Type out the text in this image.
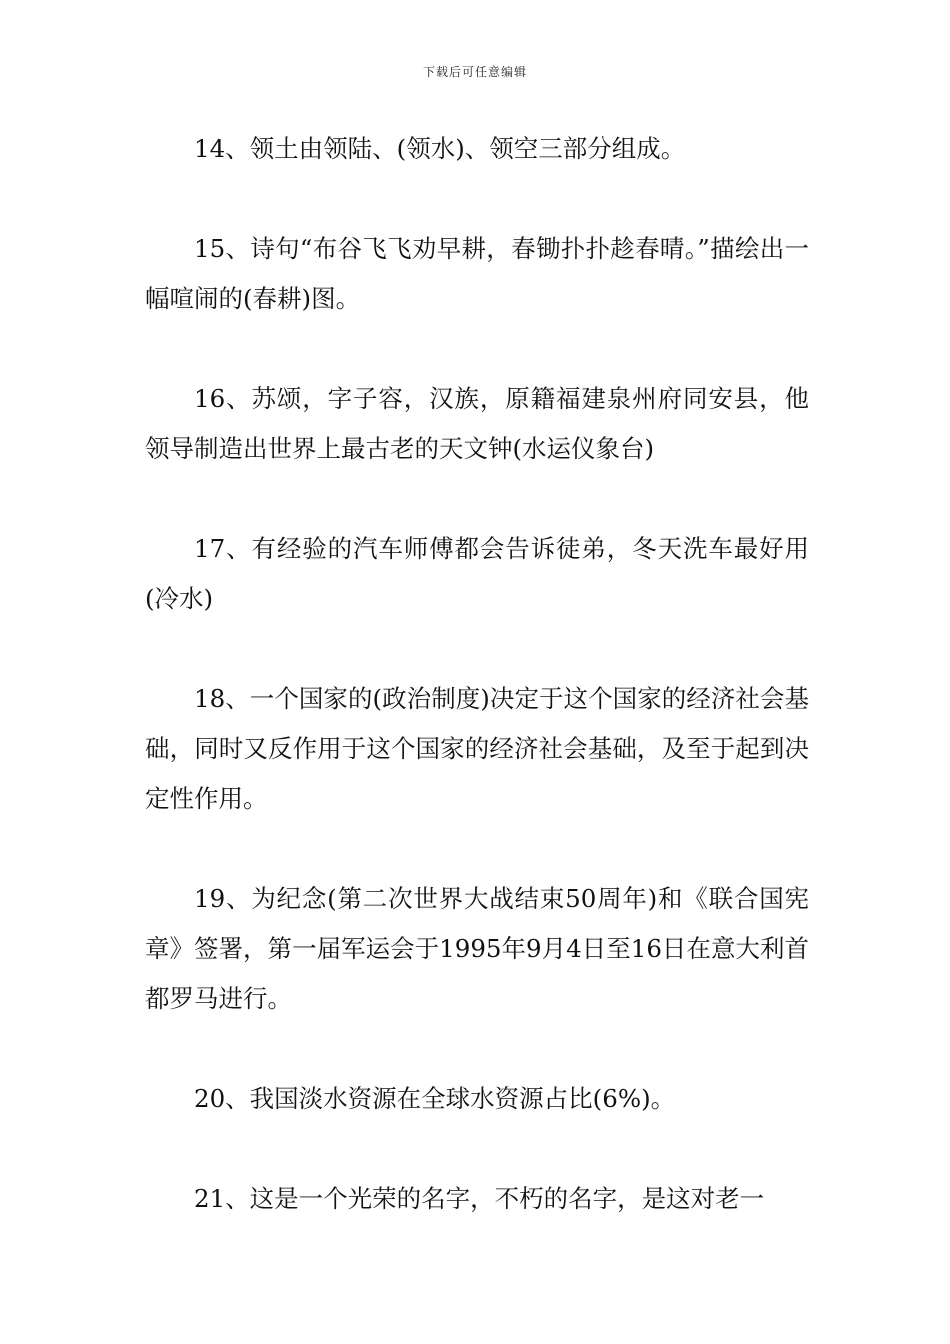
下载后可任意编辑

14、领土由领陆、(领水)、领空三部分组成。

15、诗句“布谷飞飞劝早耕，春锄扑扑趁春晴。”描绘出一幅喧闹的(春耕)图。

16、苏颂，字子容，汉族，原籍福建泉州府同安县，他领导制造出世界上最古老的天文钟(水运仪象台)

17、有经验的汽车师傅都会告诉徒弟，冬天洗车最好用(冷水)

18、一个国家的(政治制度)决定于这个国家的经济社会基础，同时又反作用于这个国家的经济社会基础，及至于起到决定性作用。

19、为纪念(第二次世界大战结束50周年)和《联合国宪章》签署，第一届军运会于1995年9月4日至16日在意大利首都罗马进行。

20、我国淡水资源在全球水资源占比(6%)。

21、这是一个光荣的名字，不朽的名字，是这对老一
